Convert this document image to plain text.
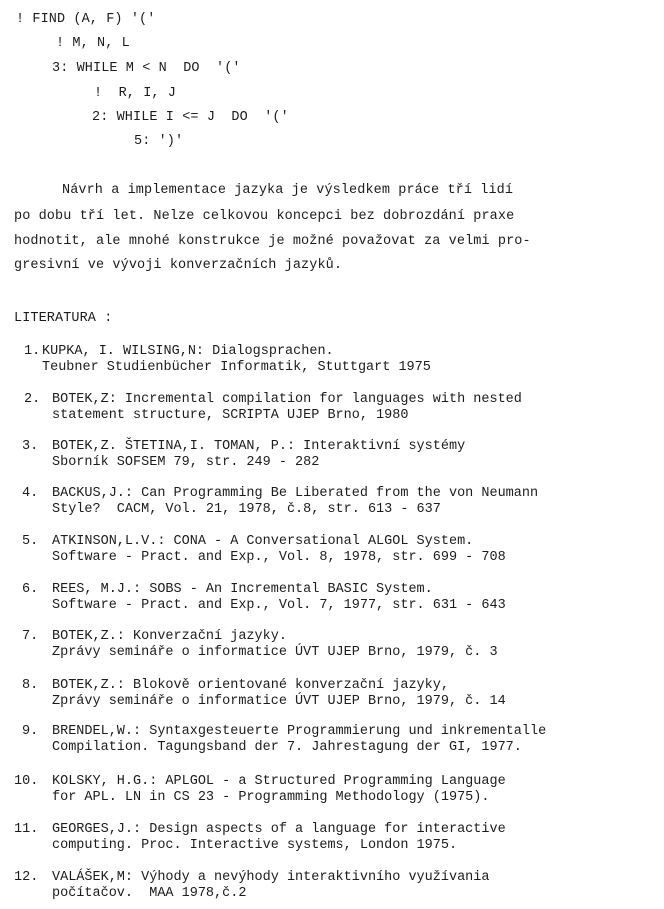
! FIND (A, F) '('
! M, N, L
3: WHILE M < N  DO  '('
!  R, I, J
2: WHILE I <= J  DO  '('
5: ')'
Návrh a implementace jazyka je výsledkem práce tří lidí
po dobu tří let. Nelze celkovou koncepci bez dobrozdání praxe
hodnotit, ale mnohé konstrukce je možné považovat za velmi pro-
gresivní ve vývoji konverzačních jazyků.
LITERATURA :
1. KUPKA, I. WILSING,N: Dialogsprachen.
Teubner Studienbücher Informatik, Stuttgart 1975
2. BOTEK,Z: Incremental compilation for languages with nested
statement structure, SCRIPTA UJEP Brno, 1980
3. BOTEK,Z. ŠTETINA,I. TOMAN, P.: Interaktivní systémy
Sborník SOFSEM 79, str. 249 - 282
4. BACKUS,J.: Can Programming Be Liberated from the von Neumann
Style?  CACM, Vol. 21, 1978, č.8, str. 613 - 637
5. ATKINSON,L.V.: CONA - A Conversational ALGOL System.
Software - Pract. and Exp., Vol. 8, 1978, str. 699 - 708
6. REES, M.J.: SOBS - An Incremental BASIC System.
Software - Pract. and Exp., Vol. 7, 1977, str. 631 - 643
7. BOTEK,Z.: Konverzační jazyky.
Zprávy semináře o informatice ÚVT UJEP Brno, 1979, č. 3
8. BOTEK,Z.: Blokově orientované konverzační jazyky,
Zprávy semináře o informatice ÚVT UJEP Brno, 1979, č. 14
9. BRENDEL,W.: Syntaxgesteuerte Programmierung und inkrementalle
Compilation. Tagungsband der 7. Jahrestagung der GI, 1977.
10. KOLSKY, H.G.: APLGOL - a Structured Programming Language
for APL. LN in CS 23 - Programming Methodology (1975).
11. GEORGES,J.: Design aspects of a language for interactive
computing. Proc. Interactive systems, London 1975.
12. VALÁŠEK,M: Výhody a nevýhody interaktivního využívania
počítačov.  MAA 1978,č.2
